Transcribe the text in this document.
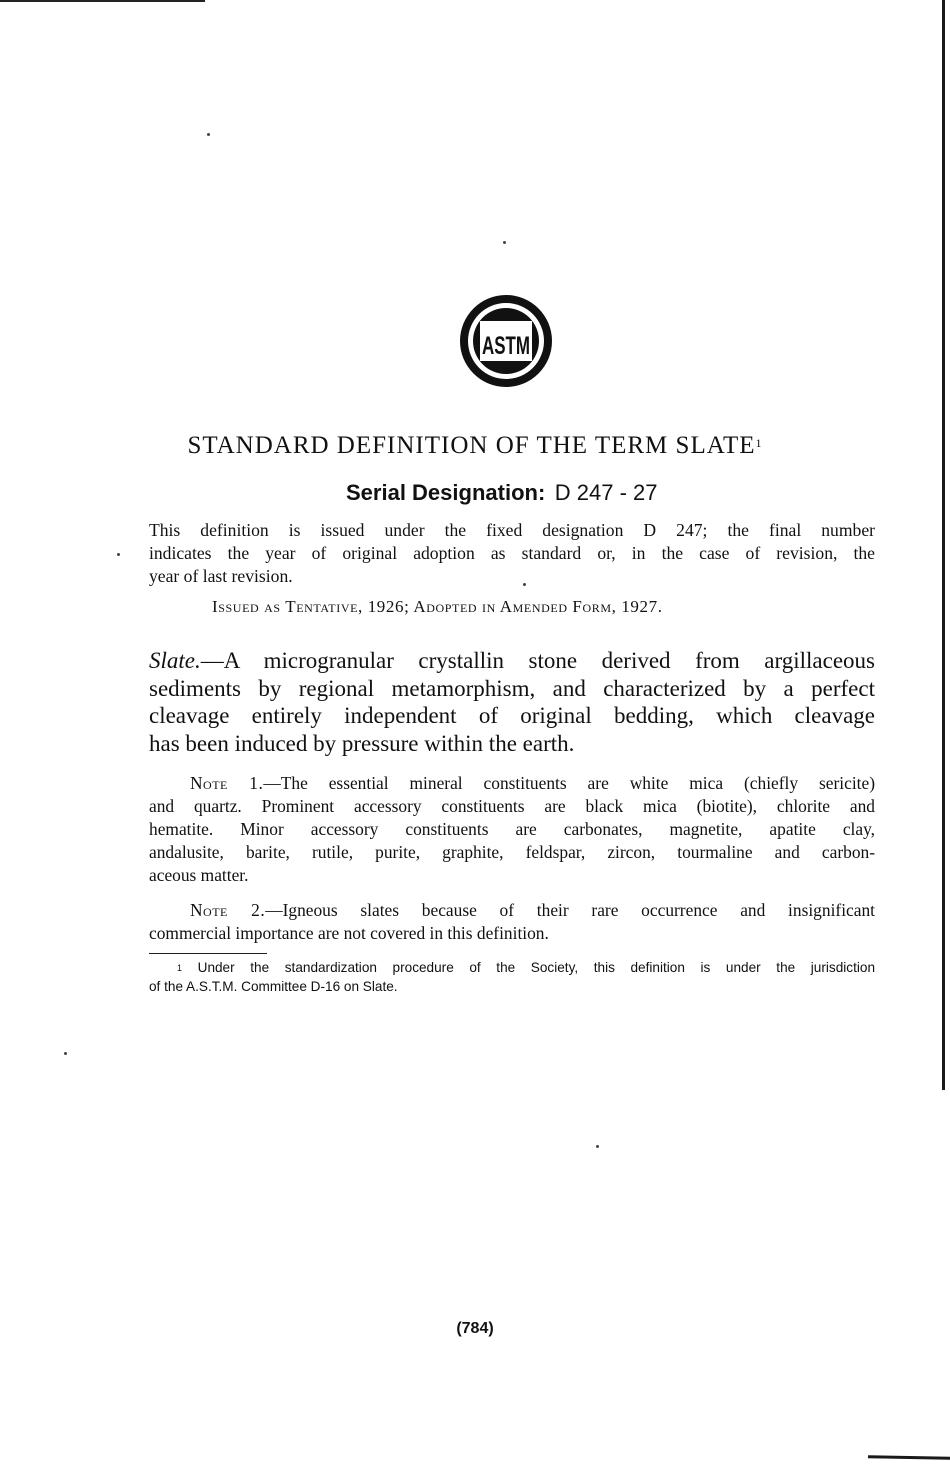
ASTM
STANDARD DEFINITION OF THE TERM SLATE$^1$
Serial Designation: D 247 - 27
This definition is issued under the fixed designation D 247; the final number
indicates the year of original adoption as standard or, in the case of revision, the
year of last revision.
Issued as Tentative, 1926; Adopted in Amended Form, 1927.
Slate.—A microgranular crystallin stone derived from argillaceous
sediments by regional metamorphism, and characterized by a perfect
cleavage entirely independent of original bedding, which cleavage
has been induced by pressure within the earth.
Note 1.—The essential mineral constituents are white mica (chiefly sericite)
and quartz. Prominent accessory constituents are black mica (biotite), chlorite and
hematite. Minor accessory constituents are carbonates, magnetite, apatite clay,
andalusite, barite, rutile, purite, graphite, feldspar, zircon, tourmaline and carbon-
aceous matter.
Note 2.—Igneous slates because of their rare occurrence and insignificant
commercial importance are not covered in this definition.
$^1$ Under the standardization procedure of the Society, this definition is under the jurisdiction
of the A.S.T.M. Committee D-16 on Slate.
(784)
